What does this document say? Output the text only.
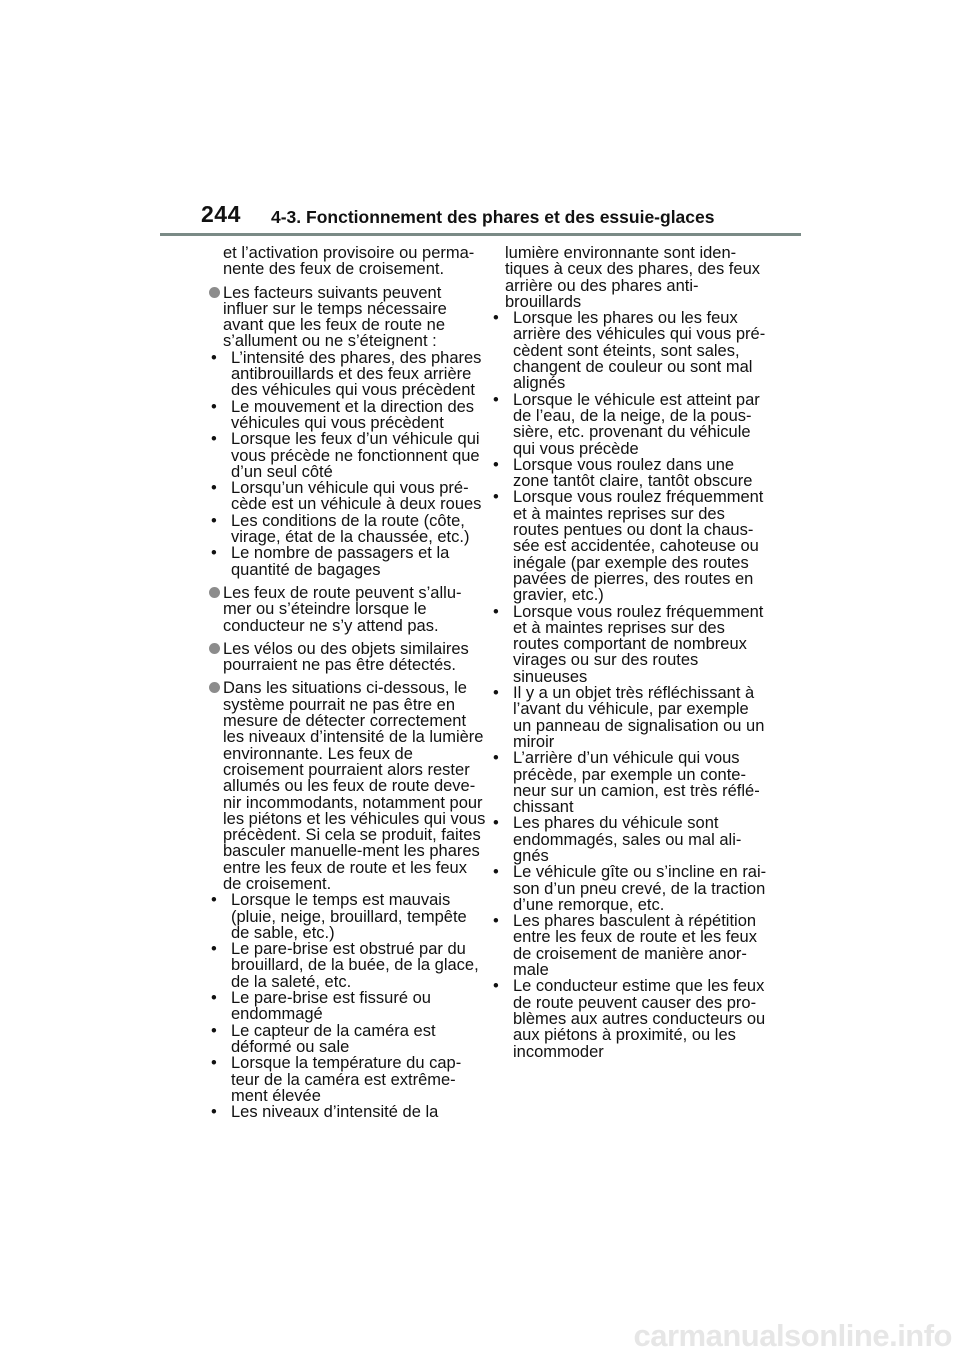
244 4-3. Fonctionnement des phares et des essuie-glaces
et l’activation provisoire ou perma-nente des feux de croisement.
Les facteurs suivants peuvent influer sur le temps nécessaire avant que les feux de route ne s’allument ou ne s’éteignent :
• L’intensité des phares, des phares antibrouillards et des feux arrière des véhicules qui vous précèdent
• Le mouvement et la direction des véhicules qui vous précèdent
• Lorsque les feux d’un véhicule qui vous précède ne fonctionnent que d’un seul côté
• Lorsqu’un véhicule qui vous pré-cède est un véhicule à deux roues
• Les conditions de la route (côte, virage, état de la chaussée, etc.)
• Le nombre de passagers et la quantité de bagages
Les feux de route peuvent s’allu-mer ou s’éteindre lorsque le conducteur ne s’y attend pas.
Les vélos ou des objets similaires pourraient ne pas être détectés.
Dans les situations ci-dessous, le système pourrait ne pas être en mesure de détecter correctement les niveaux d’intensité de la lumière environnante. Les feux de croisement pourraient alors rester allumés ou les feux de route deve-nir incommodants, notamment pour les piétons et les véhicules qui vous précèdent. Si cela se produit, faites basculer manuelle-ment les phares entre les feux de route et les feux de croisement.
• Lorsque le temps est mauvais (pluie, neige, brouillard, tempête de sable, etc.)
• Le pare-brise est obstrué par du brouillard, de la buée, de la glace, de la saleté, etc.
• Le pare-brise est fissuré ou endommagé
• Le capteur de la caméra est déformé ou sale
• Lorsque la température du cap-teur de la caméra est extrême-ment élevée
• Les niveaux d’intensité de la
lumière environnante sont iden-tiques à ceux des phares, des feux arrière ou des phares anti-brouillards
• Lorsque les phares ou les feux arrière des véhicules qui vous pré-cèdent sont éteints, sont sales, changent de couleur ou sont mal alignés
• Lorsque le véhicule est atteint par de l’eau, de la neige, de la pous-sière, etc. provenant du véhicule qui vous précède
• Lorsque vous roulez dans une zone tantôt claire, tantôt obscure
• Lorsque vous roulez fréquemment et à maintes reprises sur des routes pentues ou dont la chaus-sée est accidentée, cahoteuse ou inégale (par exemple des routes pavées de pierres, des routes en gravier, etc.)
• Lorsque vous roulez fréquemment et à maintes reprises sur des routes comportant de nombreux virages ou sur des routes sinueuses
• Il y a un objet très réfléchissant à l’avant du véhicule, par exemple un panneau de signalisation ou un miroir
• L’arrière d’un véhicule qui vous précède, par exemple un conte-neur sur un camion, est très réflé-chissant
• Les phares du véhicule sont endommagés, sales ou mal ali-gnés
• Le véhicule gîte ou s’incline en rai-son d’un pneu crevé, de la traction d’une remorque, etc.
• Les phares basculent à répétition entre les feux de route et les feux de croisement de manière anor-male
• Le conducteur estime que les feux de route peuvent causer des pro-blèmes aux autres conducteurs ou aux piétons à proximité, ou les incommoder
carmanualsonline.info
